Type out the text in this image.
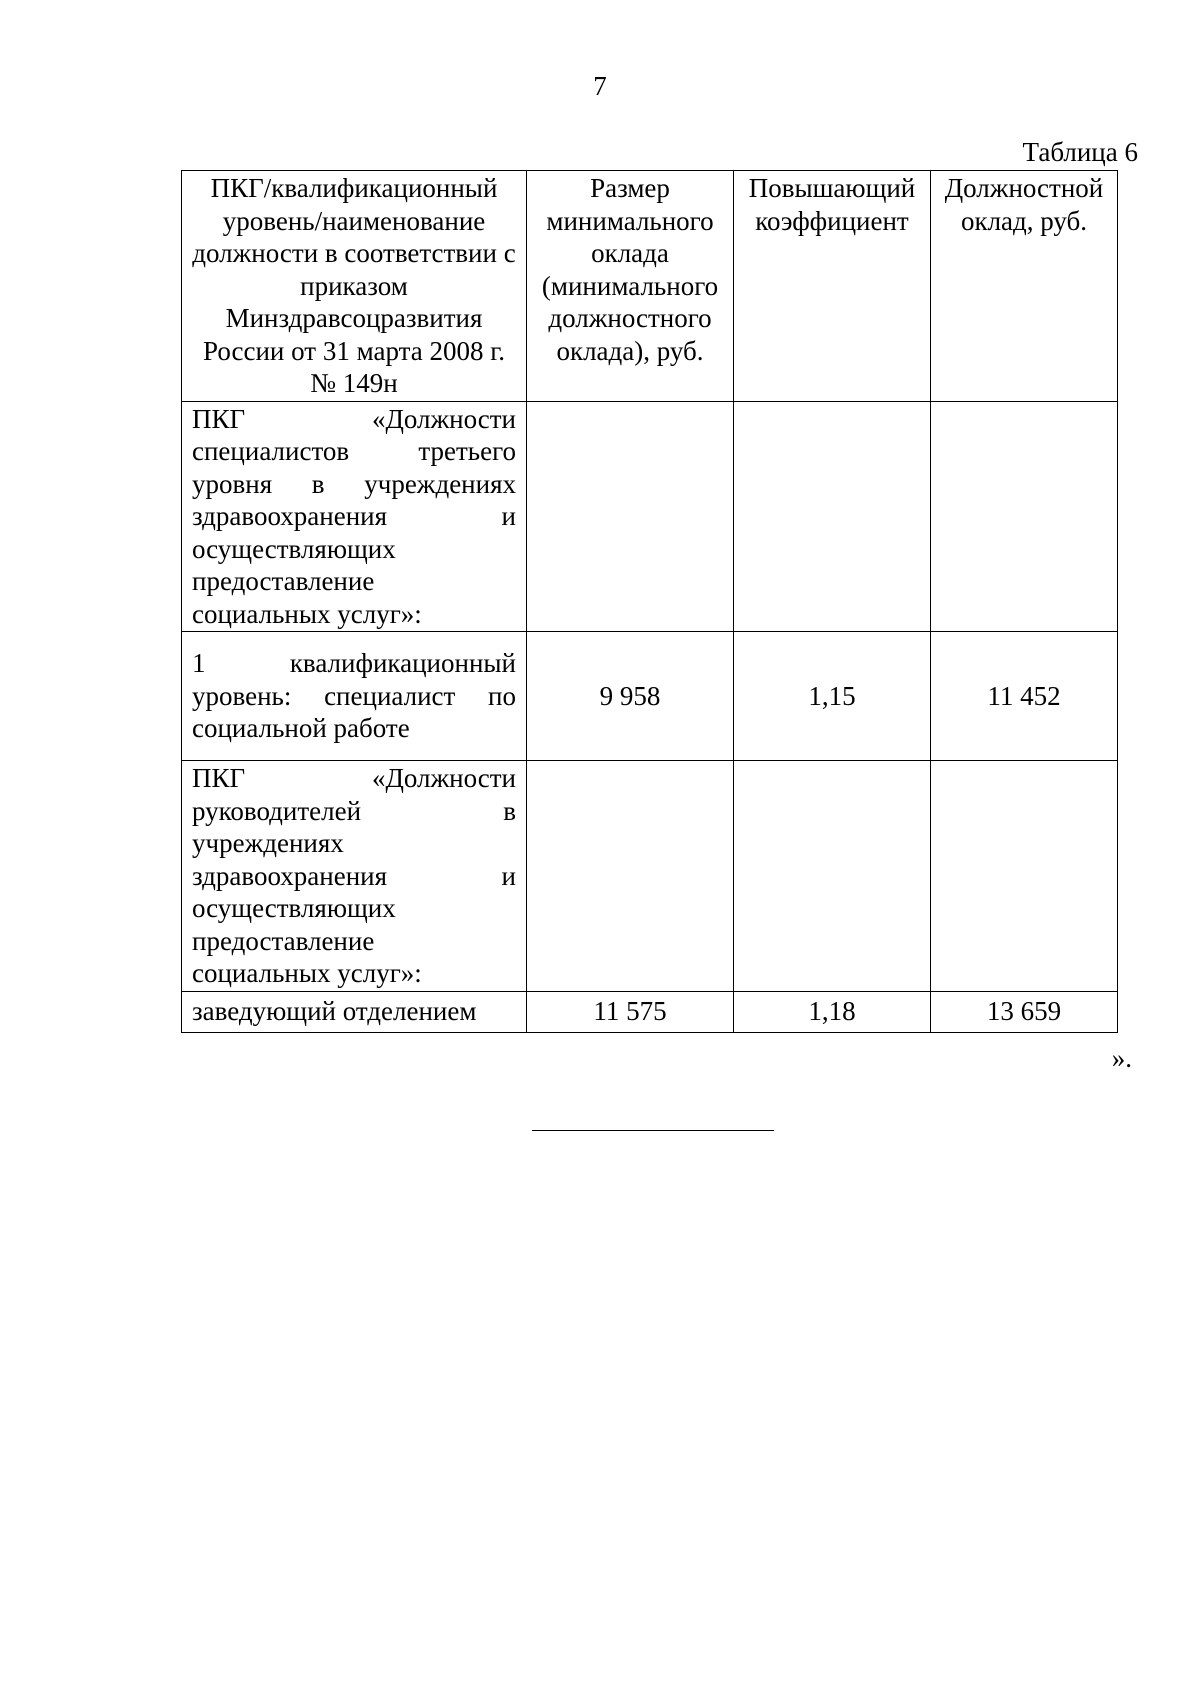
7
Таблица 6
ПКГ/квалификационный уровень/наименование должности в соответствии с приказом Минздравсоцразвития России от 31 марта 2008 г. № 149н	Размер минимального оклада (минимального должностного оклада), руб.	Повышающий коэффициент	Должностной оклад, руб.
ПКГ «Должности специалистов третьего уровня в учреждениях здравоохранения и осуществляющих предоставление социальных услуг»:			
1 квалификационный уровень: специалист по социальной работе	9 958	1,15	11 452
ПКГ «Должности руководителей в учреждениях здравоохранения и осуществляющих предоставление социальных услуг»:			
заведующий отделением	11 575	1,18	13 659
».
